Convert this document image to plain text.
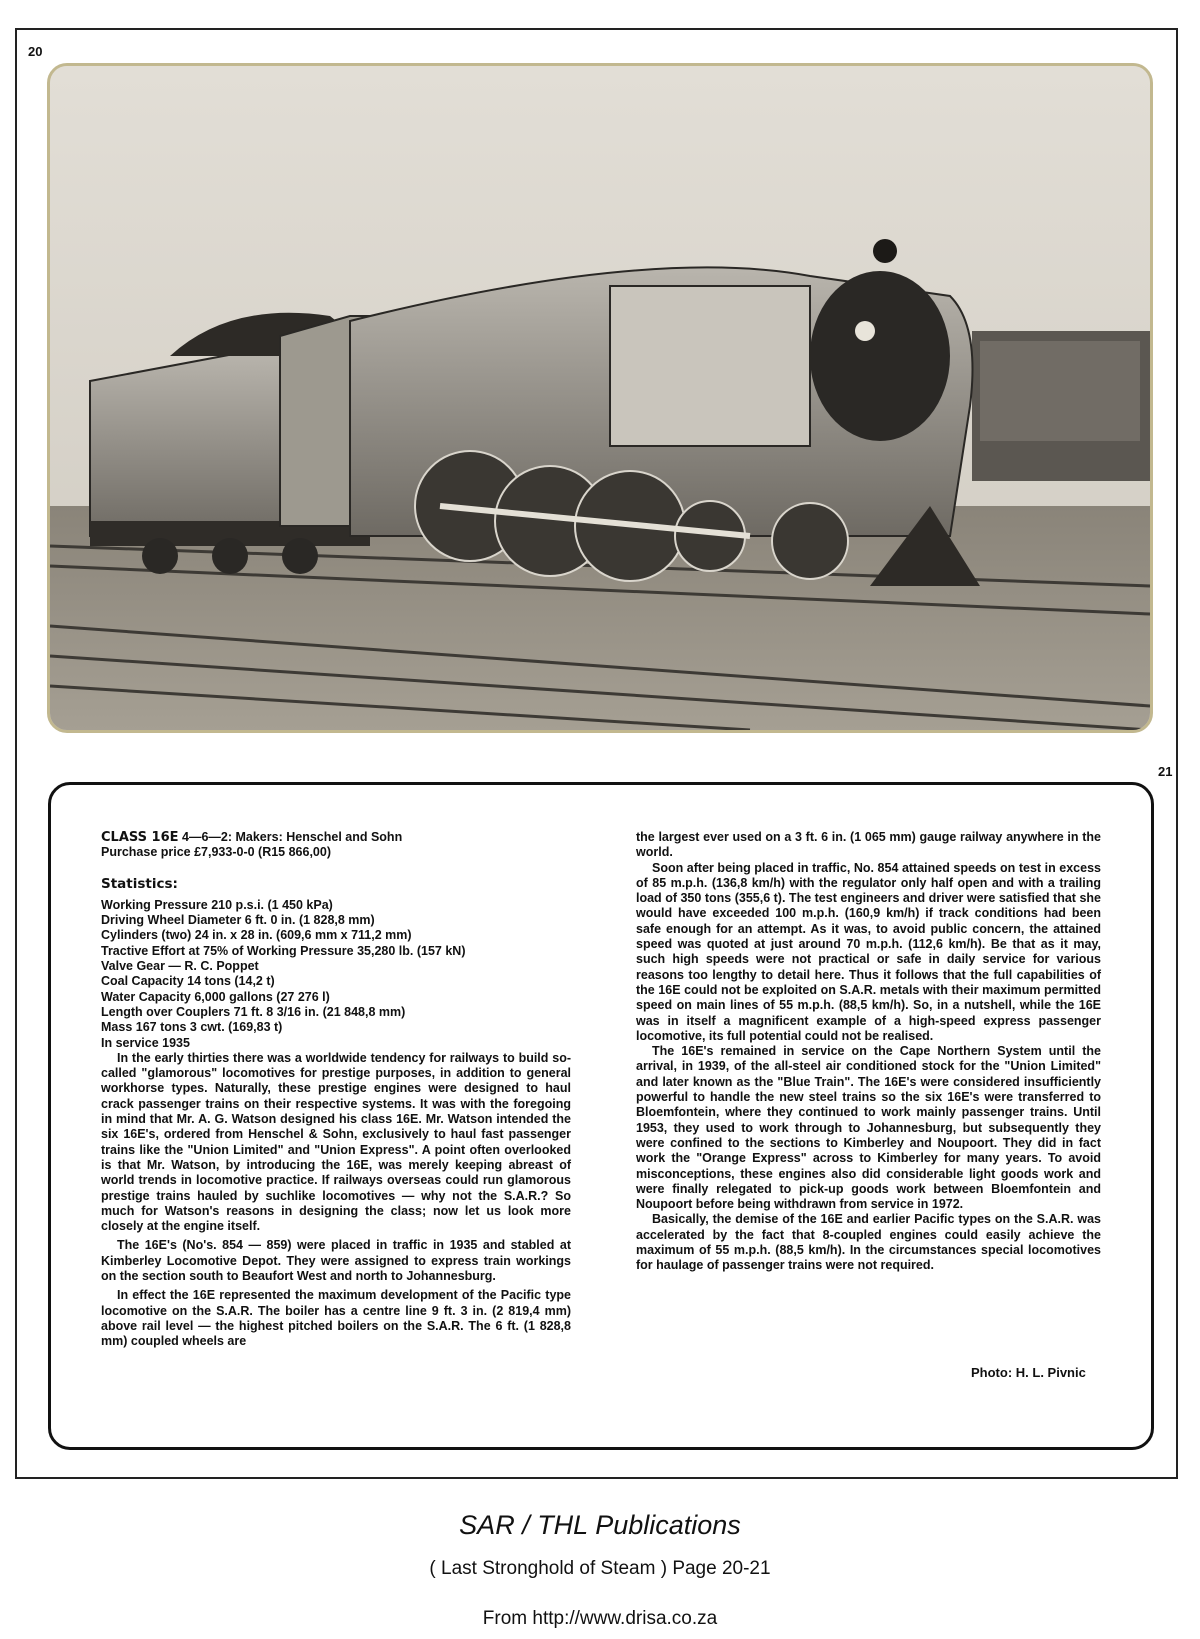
20
21

CLASS 16E 4—6—2: Makers: Henschel and Sohn

Purchase price £7,933-0-0 (R15 866,00)

Statistics:
Working Pressure 210 p.s.i. (1 450 kPa)
Driving Wheel Diameter 6 ft. 0 in. (1 828,8 mm)
Cylinders (two) 24 in. x 28 in. (609,6 mm x 711,2 mm)
Tractive Effort at 75% of Working Pressure 35,280 lb. (157 kN)
Valve Gear — R. C. Poppet
Coal Capacity 14 tons (14,2 t)
Water Capacity 6,000 gallons (27 276 l)
Length over Couplers 71 ft. 8 3/16 in. (21 848,8 mm)
Mass 167 tons 3 cwt. (169,83 t)
In service 1935

In the early thirties there was a worldwide tendency for railways to build so-called "glamorous" locomotives for prestige purposes, in addition to general workhorse types. Naturally, these prestige engines were designed to haul crack passenger trains on their respective systems. It was with the foregoing in mind that Mr. A. G. Watson designed his class 16E. Mr. Watson intended the six 16E's, ordered from Henschel & Sohn, exclusively to haul fast passenger trains like the "Union Limited" and "Union Express". A point often overlooked is that Mr. Watson, by introducing the 16E, was merely keeping abreast of world trends in locomotive practice. If railways overseas could run glamorous prestige trains hauled by suchlike locomotives — why not the S.A.R.? So much for Watson's reasons in designing the class; now let us look more closely at the engine itself.

The 16E's (No's. 854 — 859) were placed in traffic in 1935 and stabled at Kimberley Locomotive Depot. They were assigned to express train workings on the section south to Beaufort West and north to Johannesburg.

In effect the 16E represented the maximum development of the Pacific type locomotive on the S.A.R. The boiler has a centre line 9 ft. 3 in. (2 819,4 mm) above rail level — the highest pitched boilers on the S.A.R. The 6 ft. (1 828,8 mm) coupled wheels are

the largest ever used on a 3 ft. 6 in. (1 065 mm) gauge railway anywhere in the world.

Soon after being placed in traffic, No. 854 attained speeds on test in excess of 85 m.p.h. (136,8 km/h) with the regulator only half open and with a trailing load of 350 tons (355,6 t). The test engineers and driver were satisfied that she would have exceeded 100 m.p.h. (160,9 km/h) if track conditions had been safe enough for an attempt. As it was, to avoid public concern, the attained speed was quoted at just around 70 m.p.h. (112,6 km/h). Be that as it may, such high speeds were not practical or safe in daily service for various reasons too lengthy to detail here. Thus it follows that the full capabilities of the 16E could not be exploited on S.A.R. metals with their maximum permitted speed on main lines of 55 m.p.h. (88,5 km/h). So, in a nutshell, while the 16E was in itself a magnificent example of a high-speed express passenger locomotive, its full potential could not be realised.

The 16E's remained in service on the Cape Northern System until the arrival, in 1939, of the all-steel air conditioned stock for the "Union Limited" and later known as the "Blue Train". The 16E's were considered insufficiently powerful to handle the new steel trains so the six 16E's were transferred to Bloemfontein, where they continued to work mainly passenger trains. Until 1953, they used to work through to Johannesburg, but subsequently they were confined to the sections to Kimberley and Noupoort. They did in fact work the "Orange Express" across to Kimberley for many years. To avoid misconceptions, these engines also did considerable light goods work and were finally relegated to pick-up goods work between Bloemfontein and Noupoort before being withdrawn from service in 1972.

Basically, the demise of the 16E and earlier Pacific types on the S.A.R. was accelerated by the fact that 8-coupled engines could easily achieve the maximum of 55 m.p.h. (88,5 km/h). In the circumstances special locomotives for haulage of passenger trains were not required.

Photo: H. L. Pivnic
SAR / THL Publications
( Last Stronghold of Steam ) Page 20-21
From http://www.drisa.co.za
